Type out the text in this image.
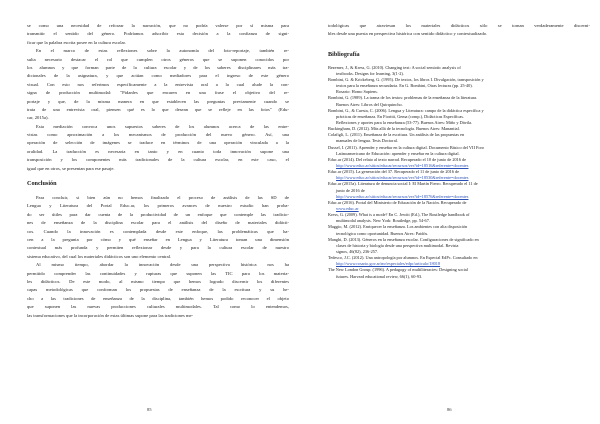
se como una necesidad de reforzar la narración, que no podría valerse por sí misma para
transmitir el sentido del género. Podríamos adscribir esta decisión a la confianza de signi-
ficar que la palabra escrita posee en la cultura escolar.
En el marco de estas reflexiones sobre la autonomía del foto-reportaje, también re-
sulta necesario destacar el rol que cumplen otros géneros que se suponen conocidos por
los alumnos y que forman parte de la cultura escolar y de los saberes disciplinares más tra-
dicionales de la asignatura, y que actúan como mediadores para el ingreso de este género
visual. Con esto nos referimos específicamente a la entrevista oral a la cual alude la con-
signa de producción multimodal: "Pidanles que encaren en una frase el objetivo del re-
portaje y que, de la misma manera en que establecen las preguntas previamente cuando se
trata de una entrevista oral, piensen qué es lo que desean que se refleje en las fotos" (Edu-
car, 2015a).
Esta mediación convoca unos supuestos saberes de los alumnos acerca de las entre-
vistas como aproximación a los mecanismos de producción del nuevo género. Así, una
operación de selección de imágenes se traduce en términos de una operación vinculada a la
oralidad. La traducción es necesaria en tanto y en cuanto toda innovación supone una
transposición y los componentes más tradicionales de la cultura escolar, en este caso, el
igual que en otros, se presentan para ese pasaje.
Conclusión
Para concluir, si bien aún no hemos finalizado el proceso de análisis de las SD de
Lengua y Literatura del Portal Educ.ar, los primeros avances de nuestro estudio han proba-
do ser útiles para dar cuenta de la productividad de un enfoque que contemple las tradicio-
nes de enseñanza de la disciplina escolar para el análisis del diseño de materiales didácti-
cos. Cuando la innovación es contemplada desde este enfoque, las problemáticas que ha-
cen a la pregunta por cómo y qué enseñar en Lengua y Literatura toman una dimensión
contextual más profunda y permiten reflexionar desde y para la cultura escolar de nuestro
sistema educativo, del cual los materiales didácticos son uno elemento central.
Al mismo tiempo, abordar la innovación desde una perspectiva histórica nos ha
permitido comprender las continuidades y rupturas que suponen las TIC para los materia-
les didácticos. De este modo, al mismo tiempo que hemos logrado discernir los diferentes
capas metodológicas que conforman los propuestas de enseñanza de la escritura y su he-
cho a las tradiciones de enseñanza de la disciplina, también hemos podido reconocer el objeto
que suponen las nuevas producciones culturales multimodales. Tal como lo entendemos,
las transformaciones que la incorporación de estas últimas supone para las tradiciones me-
85
todológicas que atraviesan los materiales didácticos sólo se tornan verdaderamente discerni-
bles desde una puesta en perspectiva histórica con sentido didáctico y contextualizado.
Bibliografía
Bezemer, J., & Kress, G. (2010). Changing text: A social semiotic analysis of
textbooks. Designs for learning, 3(1-2).
Bombini, G. & Krickeberg, G. (1995). De textos, los libros I. Divulgación, transposición y
textos para la enseñanza secundaria. En G. Bombini, Otras lecturas (pp. 25-40).
Rosario: Homo Sapiens.
Bombini, G. (1989). La trama de los textos: problemas de la enseñanza de la literatura.
Buenos Aires: Libros del Quirquincho.
Bombini, G., & Cuesta, C. (2006). Lengua y Literatura: campo de la didáctica específica y
prácticas de enseñanza. En Fioritti, Gema (comp.), Didácticas Específicas.
Reflexiones y aportes para la enseñanza (53-77). Buenos Aires: Miño y Dávila.
Buckingham, D. (2012). Más allá de la tecnología. Buenos Aires: Manantial.
Colafigli, L. (2011). Enseñanza de la escritura. Un análisis de las propuestas en
manuales de lengua. Tesis Doctoral.
Dussel, I. (2011). Aprender y enseñar en la cultura digital. Documento Básico del VII Foro
Latinoamericano de Educación: aprender y enseñar en la cultura digital.
Educ.ar (2014). Del relato al texto narrad. Recuperado el 10 de junio de 2016 de
http://www.educ.ar/sitios/educar/recursos/ver?id=18516&referente=docentes
Educ.ar (2015). La generación del 37. Recuperado el 11 de junio de 2016 de
http://www.educ.ar/sitios/educar/recursos/ver?id=18530&referente=docentes
Educ.ar (2015a). Literatura de denuncia social I: El Martín Fierro. Recuperado el 11 de
junio de 2016 de
http://www.educ.ar/sitios/educar/recursos/ver?id=18576&referente=docentes
Educ.ar (2016). Portal del Ministerio de Educación de la Nación. Recuperado de
www.educ.ar
Kress, G. (2009). What is a mode? En C. Jewitt (Ed.), The Routledge handbook of
multimodal analysis. New York: Routledge, pp. 54-67.
Maggio, M. (2012). Enriquecer la enseñanza. Los ambientes con alta disposición
tecnológica como oportunidad. Buenos Aires: Paidós.
Manghi, D. (2013). Géneros en la enseñanza escolar. Configuraciones de significado en
clases de historia y biología desde una perspectiva multimodal. Revista
signos, 46(82), 236-257.
Tedesco, J.C. (2012). Una antropología por alumnos. En Especial EdPc. Consultado en
http://www.rosario.gov.ar/mr/especiales/edpc/articulo/18018
The New London Group. (1996). A pedagogy of multiliteracies: Designing social
futures. Harvard educational review, 66(1), 60-93.
86
